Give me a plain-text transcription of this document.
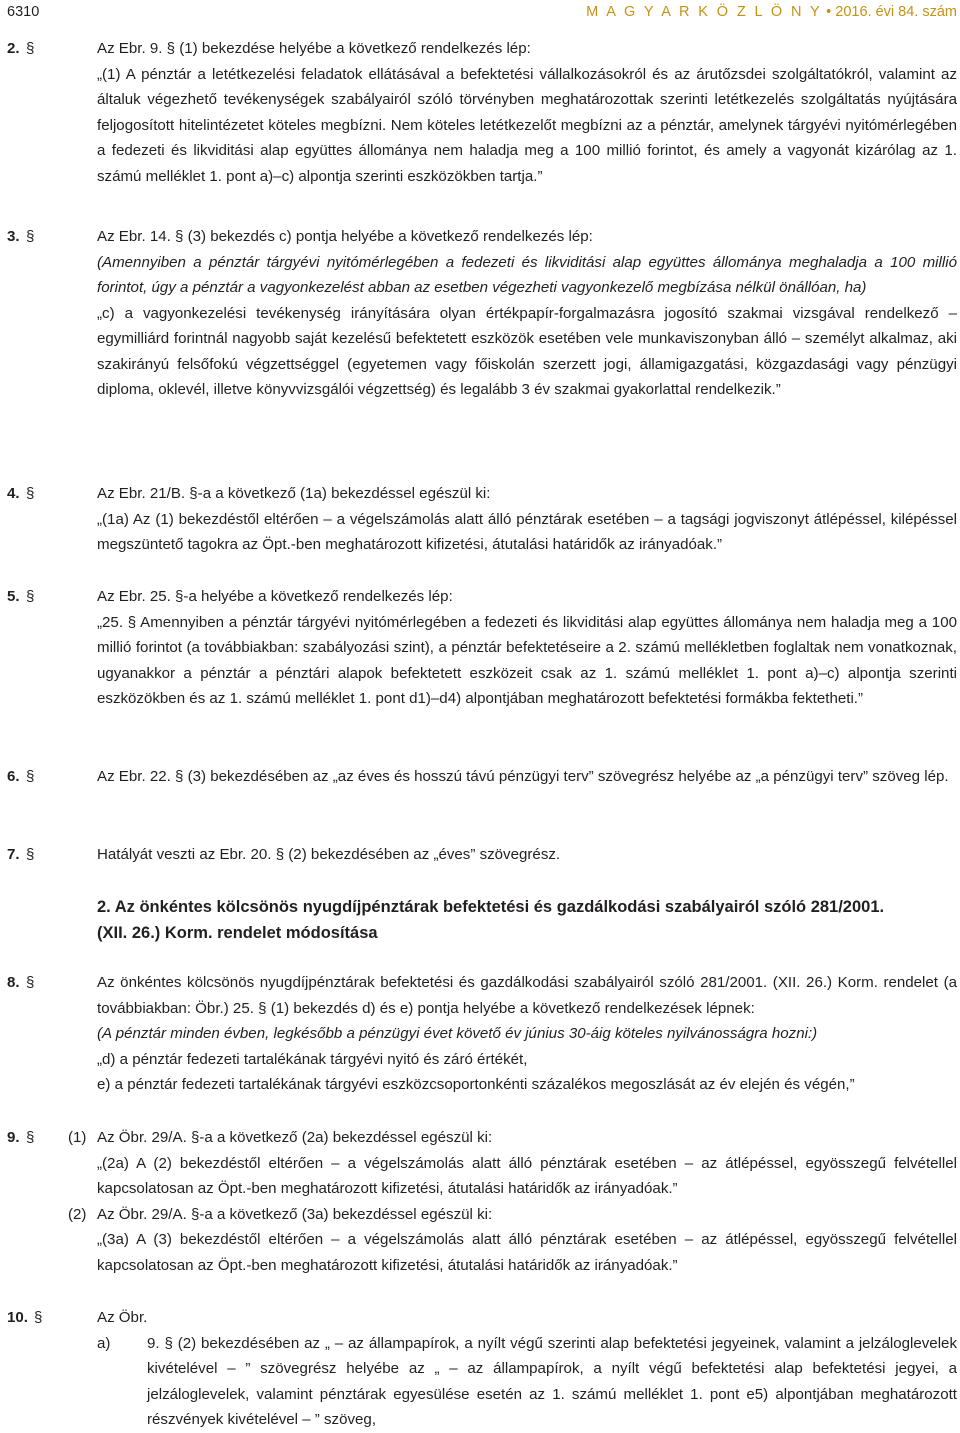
6310	M A G Y A R K Ö Z L Ö N Y • 2016. évi 84. szám
2. §	Az Ebr. 9. § (1) bekezdése helyébe a következő rendelkezés lép:
„(1) A pénztár a letétkezelési feladatok ellátásával a befektetési vállalkozásokról és az árutőzsdei szolgáltatókról, valamint az általuk végezhető tevékenységek szabályairól szóló törvényben meghatározottak szerinti letétkezelés szolgáltatás nyújtására feljogosított hitelintézetet köteles megbízni. Nem köteles letétkezelőt megbízni az a pénztár, amelynek tárgyévi nyitómérlegében a fedezeti és likviditási alap együttes állománya nem haladja meg a 100 millió forintot, és amely a vagyonát kizárólag az 1. számú melléklet 1. pont a)–c) alpontja szerinti eszközökben tartja.”
3. §	Az Ebr. 14. § (3) bekezdés c) pontja helyébe a következő rendelkezés lép:
(Amennyiben a pénztár tárgyévi nyitómérlegében a fedezeti és likviditási alap együttes állománya meghaladja a 100 millió forintot, úgy a pénztár a vagyonkezelést abban az esetben végezheti vagyonkezelő megbízása nélkül önállóan, ha)
„c) a vagyonkezelési tevékenység irányítására olyan értékpapír-forgalmazásra jogosító szakmai vizsgával rendelkező – egymilliárd forintnál nagyobb saját kezelésű befektetett eszközök esetében vele munkaviszonyban álló – személyt alkalmaz, aki szakirányú felsőfokú végzettséggel (egyetemen vagy főiskolán szerzett jogi, államigazgatási, közgazdasági vagy pénzügyi diploma, oklevél, illetve könyvvizsgálói végzettség) és legalább 3 év szakmai gyakorlattal rendelkezik.”
4. §	Az Ebr. 21/B. §-a a következő (1a) bekezdéssel egészül ki:
„(1a) Az (1) bekezdéstől eltérően – a végelszámolás alatt álló pénztárak esetében – a tagsági jogviszonyt átlépéssel, kilépéssel megszüntető tagokra az Öpt.-ben meghatározott kifizetési, átutalási határidők az irányadóak.”
5. §	Az Ebr. 25. §-a helyébe a következő rendelkezés lép:
„25. § Amennyiben a pénztár tárgyévi nyitómérlegében a fedezeti és likviditási alap együttes állománya nem haladja meg a 100 millió forintot (a továbbiakban: szabályozási szint), a pénztár befektetéseire a 2. számú mellékletben foglaltak nem vonatkoznak, ugyanakkor a pénztár a pénztári alapok befektetett eszközeit csak az 1. számú melléklet 1. pont a)–c) alpontja szerinti eszközökben és az 1. számú melléklet 1. pont d1)–d4) alpontjában meghatározott befektetési formákba fektetheti.”
6. §	Az Ebr. 22. § (3) bekezdésében az „az éves és hosszú távú pénzügyi terv” szövegrész helyébe az „a pénzügyi terv” szöveg lép.
7. §	Hatályát veszti az Ebr. 20. § (2) bekezdésében az „éves” szövegrész.
2. Az önkéntes kölcsönös nyugdíjpénztárak befektetési és gazdálkodási szabályairól szóló 281/2001. (XII. 26.) Korm. rendelet módosítása
8. §	Az önkéntes kölcsönös nyugdíjpénztárak befektetési és gazdálkodási szabályairól szóló 281/2001. (XII. 26.) Korm. rendelet (a továbbiakban: Öbr.) 25. § (1) bekezdés d) és e) pontja helyébe a következő rendelkezések lépnek:
(A pénztár minden évben, legkésőbb a pénzügyi évet követő év június 30-áig köteles nyilvánosságra hozni:)
„d) a pénztár fedezeti tartalékának tárgyévi nyitó és záró értékét,
e) a pénztár fedezeti tartalékának tárgyévi eszközcsoportonkénti százalékos megoszlását az év elején és végén,”
9. § (1) Az Öbr. 29/A. §-a a következő (2a) bekezdéssel egészül ki:
„(2a) A (2) bekezdéstől eltérően – a végelszámolás alatt álló pénztárak esetében – az átlépéssel, egyösszegű felvétellel kapcsolatosan az Öpt.-ben meghatározott kifizetési, átutalási határidők az irányadóak.”
(2) Az Öbr. 29/A. §-a a következő (3a) bekezdéssel egészül ki:
„(3a) A (3) bekezdéstől eltérően – a végelszámolás alatt álló pénztárak esetében – az átlépéssel, egyösszegű felvétellel kapcsolatosan az Öpt.-ben meghatározott kifizetési, átutalási határidők az irányadóak.”
10. §	Az Öbr.
a) 9. § (2) bekezdésében az „ – az állampapírok, a nyílt végű szerinti alap befektetési jegyeinek, valamint a jelzáloglevelek kivételével – ” szövegrész helyébe az „ – az állampapírok, a nyílt végű befektetési alap befektetési jegyei, a jelzáloglevelek, valamint pénztárak egyesülése esetén az 1. számú melléklet 1. pont e5) alpontjában meghatározott részvények kivételével – ” szöveg,
